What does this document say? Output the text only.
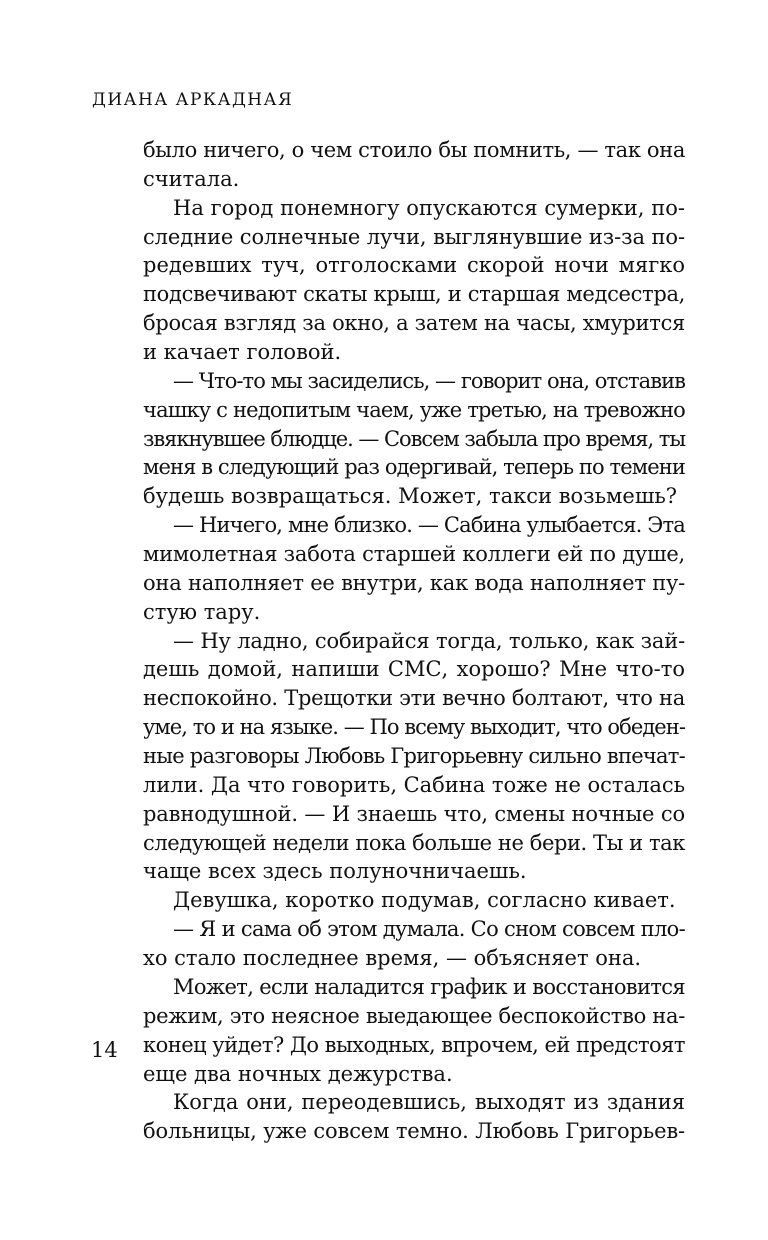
ДИАНА АРКАДНАЯ
было ничего, о чем стоило бы помнить, — так она
считала.
На город понемногу опускаются сумерки, по-
следние солнечные лучи, выглянувшие из-за по-
редевших туч, отголосками скорой ночи мягко
подсвечивают скаты крыш, и старшая медсестра,
бросая взгляд за окно, а затем на часы, хмурится
и качает головой.
— Что-то мы засиделись, — говорит она, отставив
чашку с недопитым чаем, уже третью, на тревожно
звякнувшее блюдце. — Совсем забыла про время, ты
меня в следующий раз одергивай, теперь по темени
будешь возвращаться. Может, такси возьмешь?
— Ничего, мне близко. — Сабина улыбается. Эта
мимолетная забота старшей коллеги ей по душе,
она наполняет ее внутри, как вода наполняет пу-
стую тару.
— Ну ладно, собирайся тогда, только, как зай-
дешь домой, напиши СМС, хорошо? Мне что-то
неспокойно. Трещотки эти вечно болтают, что на
уме, то и на языке. — По всему выходит, что обеден-
ные разговоры Любовь Григорьевну сильно впечат-
лили. Да что говорить, Сабина тоже не осталась
равнодушной. — И знаешь что, смены ночные со
следующей недели пока больше не бери. Ты и так
чаще всех здесь полуночничаешь.
Девушка, коротко подумав, согласно кивает.
— Я и сама об этом думала. Со сном совсем пло-
хо стало последнее время, — объясняет она.
Может, если наладится график и восстановится
режим, это неясное выедающее беспокойство на-
конец уйдет? До выходных, впрочем, ей предстоят
еще два ночных дежурства.
Когда они, переодевшись, выходят из здания
больницы, уже совсем темно. Любовь Григорьев-
14
